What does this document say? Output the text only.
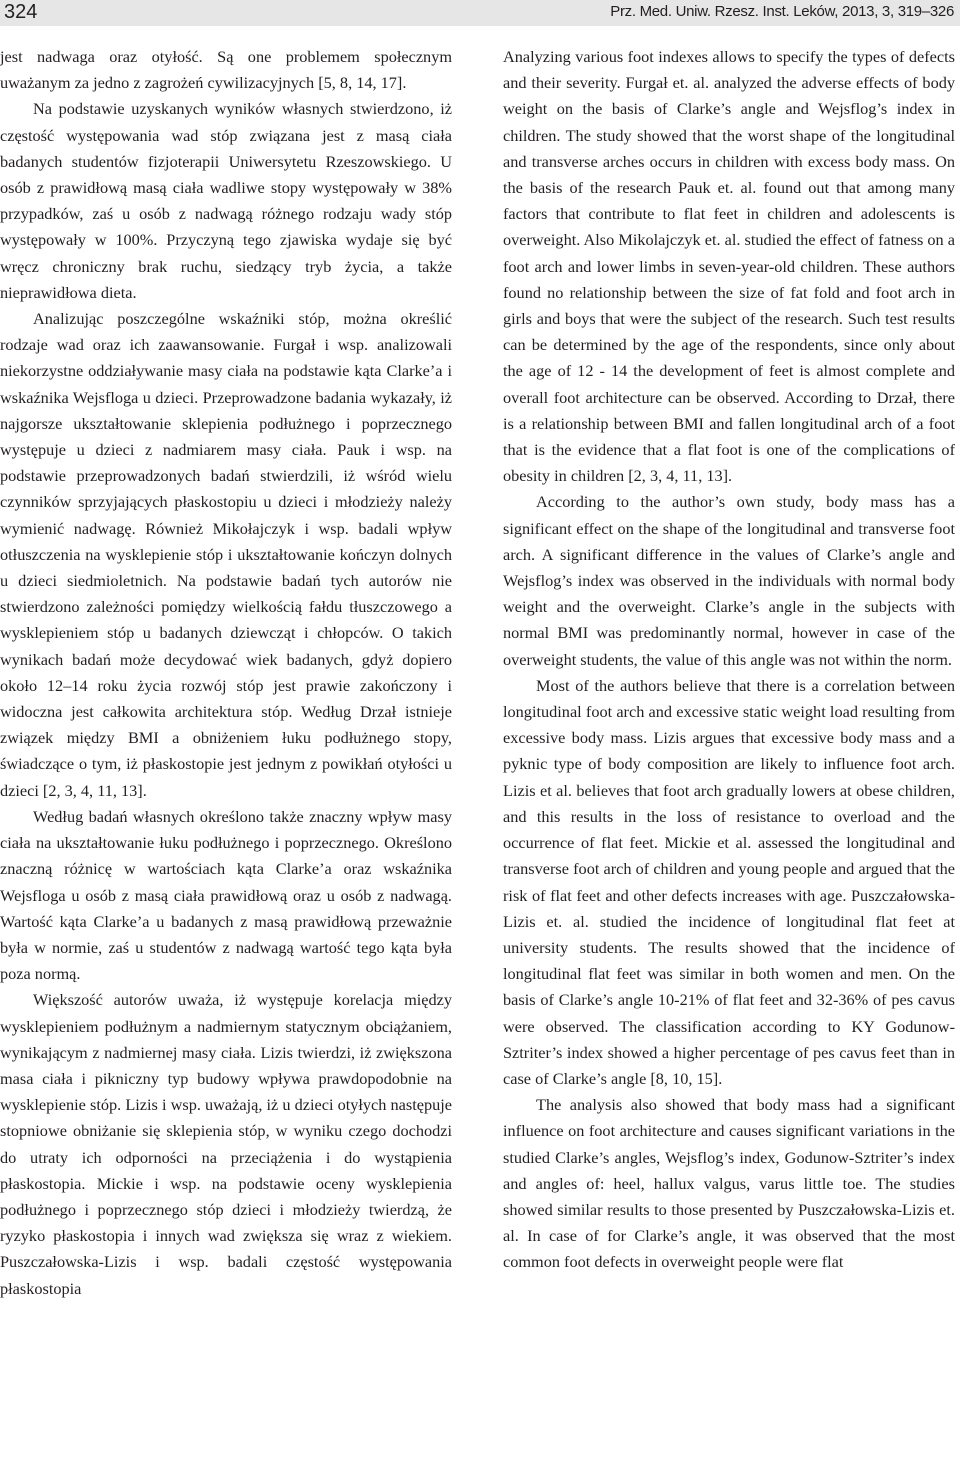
324	Prz. Med. Uniw. Rzesz. Inst. Leków, 2013, 3, 319–326

jest nadwaga oraz otyłość. Są one problemem społecznym uważanym za jedno z zagrożeń cywilizacyjnych [5, 8, 14, 17].

Na podstawie uzyskanych wyników własnych stwierdzono, iż częstość występowania wad stóp związana jest z masą ciała badanych studentów fizjoterapii Uniwersytetu Rzeszowskiego. U osób z prawidłową masą ciała wadliwe stopy występowały w 38% przypadków, zaś u osób z nadwagą różnego rodzaju wady stóp występowały w 100%. Przyczyną tego zjawiska wydaje się być wręcz chroniczny brak ruchu, siedzący tryb życia, a także nieprawidłowa dieta.

Analizując poszczególne wskaźniki stóp, można określić rodzaje wad oraz ich zaawansowanie. Furgał i wsp. analizowali niekorzystne oddziaływanie masy ciała na podstawie kąta Clarke’a i wskaźnika Wejsfloga u dzieci. Przeprowadzone badania wykazały, iż najgorsze ukształtowanie sklepienia podłużnego i poprzecznego występuje u dzieci z nadmiarem masy ciała. Pauk i wsp. na podstawie przeprowadzonych badań stwierdzili, iż wśród wielu czynników sprzyjających płaskostopiu u dzieci i młodzieży należy wymienić nadwagę. Również Mikołajczyk i wsp. badali wpływ otłuszczenia na wysklepienie stóp i ukształtowanie kończyn dolnych u dzieci siedmioletnich. Na podstawie badań tych autorów nie stwierdzono zależności pomiędzy wielkością fałdu tłuszczowego a wysklepieniem stóp u badanych dziewcząt i chłopców. O takich wynikach badań może decydować wiek badanych, gdyż dopiero około 12–14 roku życia rozwój stóp jest prawie zakończony i widoczna jest całkowita architektura stóp. Według Drzał istnieje związek między BMI a obniżeniem łuku podłużnego stopy, świadczące o tym, iż płaskostopie jest jednym z powikłań otyłości u dzieci [2, 3, 4, 11, 13].

Według badań własnych określono także znaczny wpływ masy ciała na ukształtowanie łuku podłużnego i poprzecznego. Określono znaczną różnicę w wartościach kąta Clarke’a oraz wskaźnika Wejsfloga u osób z masą ciała prawidłową oraz u osób z nadwagą. Wartość kąta Clarke’a u badanych z masą prawidłową przeważnie była w normie, zaś u studentów z nadwagą wartość tego kąta była poza normą.

Większość autorów uważa, iż występuje korelacja między wysklepieniem podłużnym a nadmiernym statycznym obciążaniem, wynikającym z nadmiernej masy ciała. Lizis twierdzi, iż zwiększona masa ciała i pikniczny typ budowy wpływa prawdopodobnie na wysklepienie stóp. Lizis i wsp. uważają, iż u dzieci otyłych następuje stopniowe obniżanie się sklepienia stóp, w wyniku czego dochodzi do utraty ich odporności na przeciążenia i do wystąpienia płaskostopia. Mickie i wsp. na podstawie oceny wysklepienia podłużnego i poprzecznego stóp dzieci i młodzieży twierdzą, że ryzyko płaskostopia i innych wad zwiększa się wraz z wiekiem. Puszczałowska-Lizis i wsp. badali częstość występowania płaskostopia

Analyzing various foot indexes allows to specify the types of defects and their severity. Furgał et. al. analyzed the adverse effects of body weight on the basis of Clarke’s angle and Wejsflog’s index in children. The study showed that the worst shape of the longitudinal and transverse arches occurs in children with excess body mass. On the basis of the research Pauk et. al. found out that among many factors that contribute to flat feet in children and adolescents is overweight. Also Mikolajczyk et. al. studied the effect of fatness on a foot arch and lower limbs in seven-year-old children. These authors found no relationship between the size of fat fold and foot arch in girls and boys that were the subject of the research. Such test results can be determined by the age of the respondents, since only about the age of 12 - 14 the development of feet is almost complete and overall foot architecture can be observed. According to Drzał, there is a relationship between BMI and fallen longitudinal arch of a foot that is the evidence that a flat foot is one of the complications of obesity in children [2, 3, 4, 11, 13].

According to the author’s own study, body mass has a significant effect on the shape of the longitudinal and transverse foot arch. A significant difference in the values of Clarke’s angle and Wejsflog’s index was observed in the individuals with normal body weight and the overweight. Clarke’s angle in the subjects with normal BMI was predominantly normal, however in case of the overweight students, the value of this angle was not within the norm.

Most of the authors believe that there is a correlation between longitudinal foot arch and excessive static weight load resulting from excessive body mass. Lizis argues that excessive body mass and a pyknic type of body composition are likely to influence foot arch. Lizis et al. believes that foot arch gradually lowers at obese children, and this results in the loss of resistance to overload and the occurrence of flat feet. Mickie et al. assessed the longitudinal and transverse foot arch of children and young people and argued that the risk of flat feet and other defects increases with age. Puszczałowska-Lizis et. al. studied the incidence of longitudinal flat feet at university students. The results showed that the incidence of longitudinal flat feet was similar in both women and men. On the basis of Clarke’s angle 10-21% of flat feet and 32-36% of pes cavus were observed. The classification according to KY Godunow-Sztriter’s index showed a higher percentage of pes cavus feet than in case of Clarke’s angle [8, 10, 15].

The analysis also showed that body mass had a significant influence on foot architecture and causes significant variations in the studied Clarke’s angles, Wejsflog’s index, Godunow-Sztriter’s index and angles of: heel, hallux valgus, varus little toe. The studies showed similar results to those presented by Puszczałowska-Lizis et. al. In case of for Clarke’s angle, it was observed that the most common foot defects in overweight people were flat
